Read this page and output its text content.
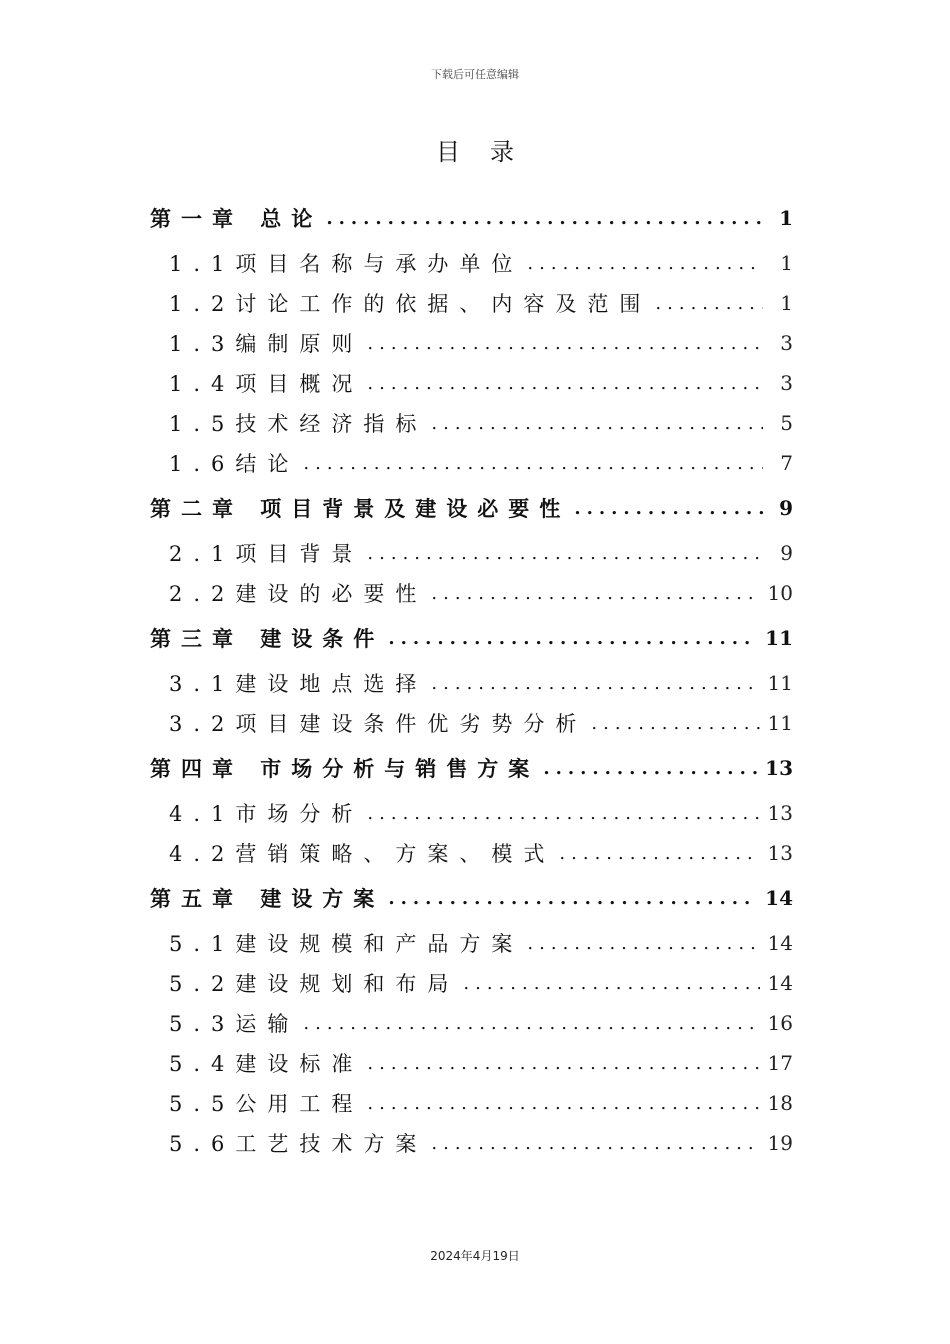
下载后可任意编辑
目录
第一章 总论 .....	1
1.1项目名称与承办单位 .....	1
1.2讨论工作的依据、内容及范围 .....	1
1.3编制原则 .....	3
1.4项目概况 .....	3
1.5技术经济指标 .....	5
1.6结论 .....	7
第二章 项目背景及建设必要性 .....	9
2.1项目背景 .....	9
2.2建设的必要性 .....	10
第三章 建设条件 .....	11
3.1建设地点选择 .....	11
3.2项目建设条件优劣势分析 .....	11
第四章 市场分析与销售方案 .....	13
4.1市场分析 .....	13
4.2营销策略、方案、模式 .....	13
第五章 建设方案 .....	14
5.1建设规模和产品方案 .....	14
5.2建设规划和布局 .....	14
5.3运输 .....	16
5.4建设标准 .....	17
5.5公用工程 .....	18
5.6工艺技术方案 .....	19
2024年4月19日
